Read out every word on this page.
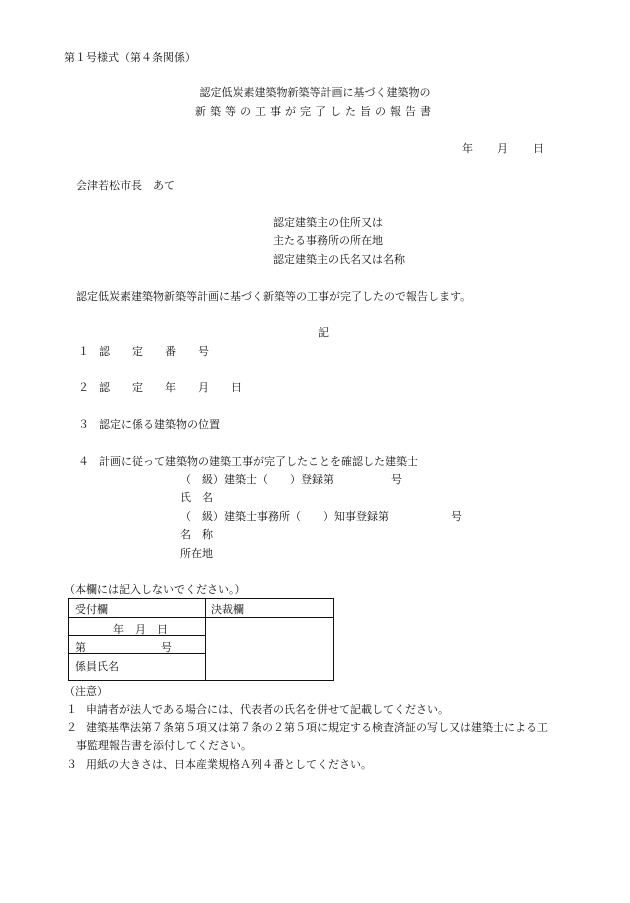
第１号様式（第４条関係）
認定低炭素建築物新築等計画に基づく建築物の
新築等の工事が完了した旨の報告書
年 月 日
会津若松市長　あて
認定建築主の住所又は
主たる事務所の所在地
認定建築主の氏名又は名称
認定低炭素建築物新築等計画に基づく新築等の工事が完了したので報告します。
記
１ 認　　定　　番　　号
２ 認　　定　　年　　月　　日
３ 認定に係る建築物の位置
４ 計画に従って建築物の建築工事が完了したことを確認した建築士
（　級）建築士（　　）登録第	号
氏　名
（　級）建築士事務所（　　）知事登録第	号
名　称
所在地
（本欄には記入しないでください。）
受付欄	決裁欄

年　月　日
第 号
係員氏名	

（注意）
１ 申請者が法人である場合には、代表者の氏名を併せて記載してください。
２ 建築基準法第７条第５項又は第７条の２第５項に規定する検査済証の写し又は建築士による工
事監理報告書を添付してください。
３ 用紙の大きさは、日本産業規格Ａ列４番としてください。
